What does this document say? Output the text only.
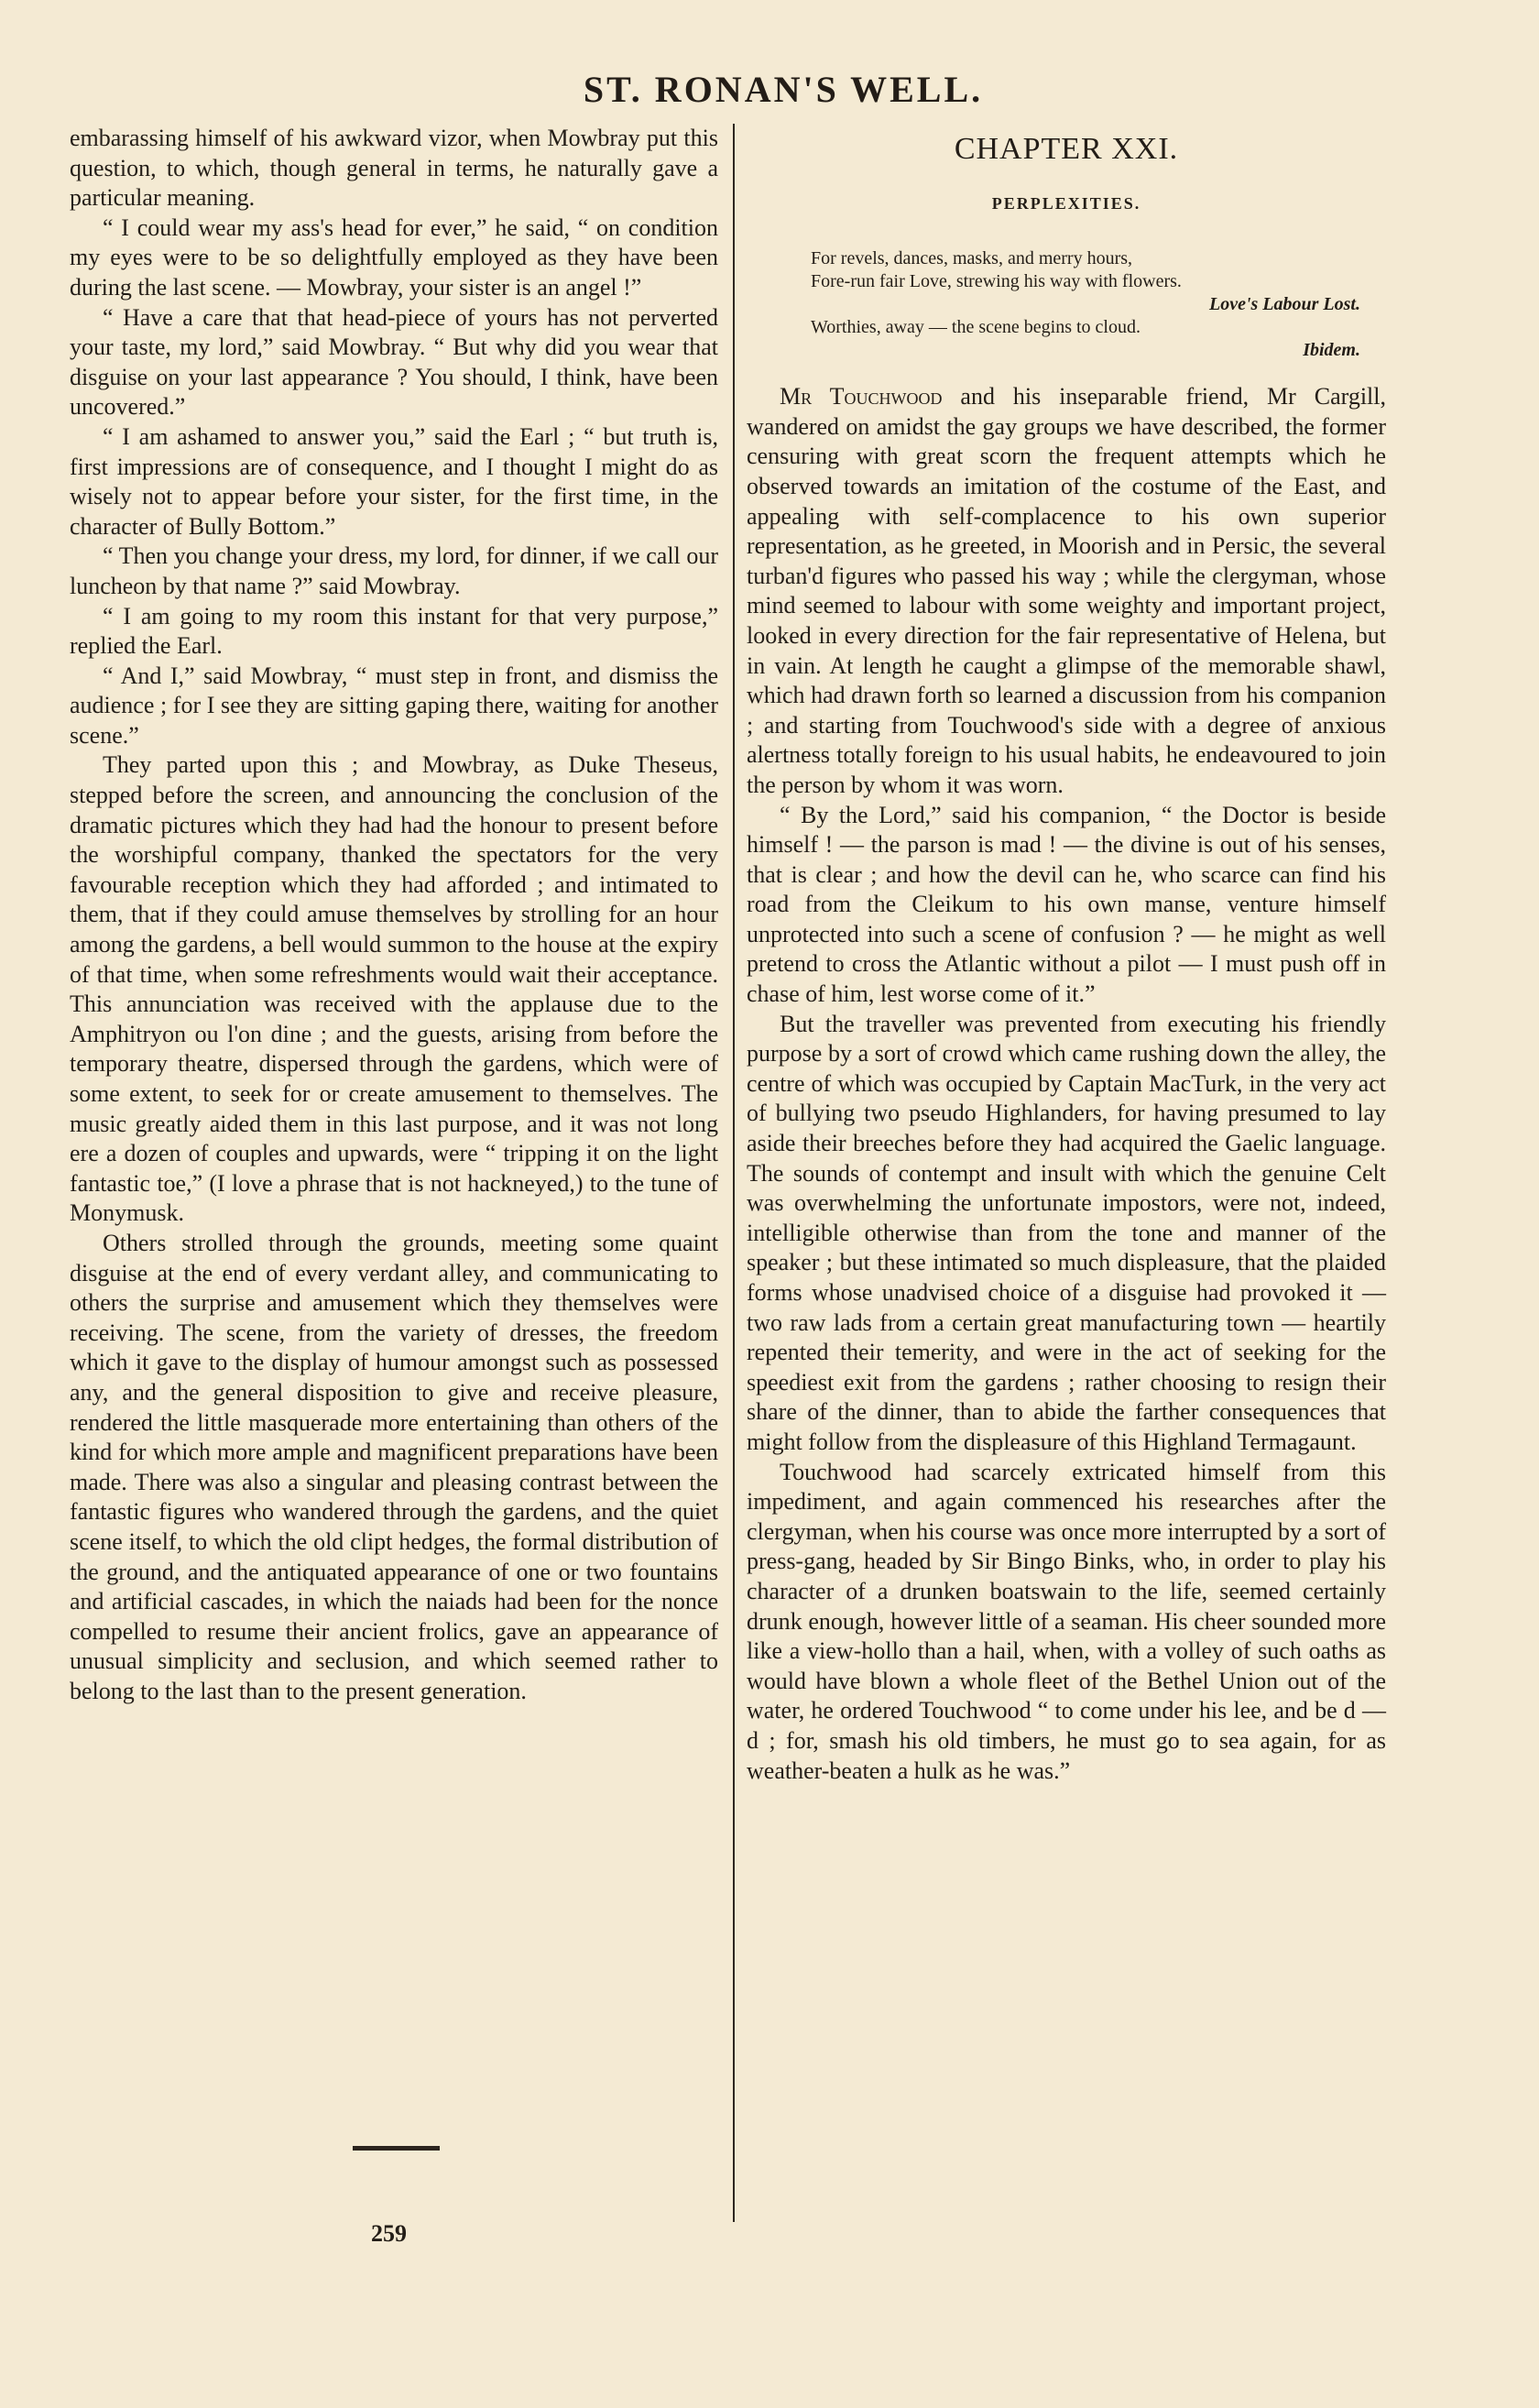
ST. RONAN'S WELL.

embarassing himself of his awkward vizor, when Mowbray put this question, to which, though general in terms, he naturally gave a particular meaning.

“ I could wear my ass's head for ever,” he said, “ on condition my eyes were to be so delightfully employed as they have been during the last scene. — Mowbray, your sister is an angel !”

“ Have a care that that head-piece of yours has not perverted your taste, my lord,” said Mowbray. “ But why did you wear that disguise on your last appearance ? You should, I think, have been uncovered.”

“ I am ashamed to answer you,” said the Earl ; “ but truth is, first impressions are of consequence, and I thought I might do as wisely not to appear before your sister, for the first time, in the character of Bully Bottom.”

“ Then you change your dress, my lord, for dinner, if we call our luncheon by that name ?” said Mowbray.

“ I am going to my room this instant for that very purpose,” replied the Earl.

“ And I,” said Mowbray, “ must step in front, and dismiss the audience ; for I see they are sitting gaping there, waiting for another scene.”

They parted upon this ; and Mowbray, as Duke Theseus, stepped before the screen, and announcing the conclusion of the dramatic pictures which they had had the honour to present before the worshipful company, thanked the spectators for the very favourable reception which they had afforded ; and intimated to them, that if they could amuse themselves by strolling for an hour among the gardens, a bell would summon to the house at the expiry of that time, when some refreshments would wait their acceptance. This annunciation was received with the applause due to the Amphitryon ou l'on dine ; and the guests, arising from before the temporary theatre, dispersed through the gardens, which were of some extent, to seek for or create amusement to themselves. The music greatly aided them in this last purpose, and it was not long ere a dozen of couples and upwards, were “ tripping it on the light fantastic toe,” (I love a phrase that is not hackneyed,) to the tune of Monymusk.

Others strolled through the grounds, meeting some quaint disguise at the end of every verdant alley, and communicating to others the surprise and amusement which they themselves were receiving. The scene, from the variety of dresses, the freedom which it gave to the display of humour amongst such as possessed any, and the general disposition to give and receive pleasure, rendered the little masquerade more entertaining than others of the kind for which more ample and magnificent preparations have been made. There was also a singular and pleasing contrast between the fantastic figures who wandered through the gardens, and the quiet scene itself, to which the old clipt hedges, the formal distribution of the ground, and the antiquated appearance of one or two fountains and artificial cascades, in which the naiads had been for the nonce compelled to resume their ancient frolics, gave an appearance of unusual simplicity and seclusion, and which seemed rather to belong to the last than to the present generation.

CHAPTER XXI.
PERPLEXITIES.
For revels, dances, masks, and merry hours,
Fore-run fair Love, strewing his way with flowers.
Love's Labour Lost.
Worthies, away — the scene begins to cloud.
Ibidem.

Mr Touchwood and his inseparable friend, Mr Cargill, wandered on amidst the gay groups we have described, the former censuring with great scorn the frequent attempts which he observed towards an imitation of the costume of the East, and appealing with self-complacence to his own superior representation, as he greeted, in Moorish and in Persic, the several turban'd figures who passed his way ; while the clergyman, whose mind seemed to labour with some weighty and important project, looked in every direction for the fair representative of Helena, but in vain. At length he caught a glimpse of the memorable shawl, which had drawn forth so learned a discussion from his companion ; and starting from Touchwood's side with a degree of anxious alertness totally foreign to his usual habits, he endeavoured to join the person by whom it was worn.

“ By the Lord,” said his companion, “ the Doctor is beside himself ! — the parson is mad ! — the divine is out of his senses, that is clear ; and how the devil can he, who scarce can find his road from the Cleikum to his own manse, venture himself unprotected into such a scene of confusion ? — he might as well pretend to cross the Atlantic without a pilot — I must push off in chase of him, lest worse come of it.”

But the traveller was prevented from executing his friendly purpose by a sort of crowd which came rushing down the alley, the centre of which was occupied by Captain MacTurk, in the very act of bullying two pseudo Highlanders, for having presumed to lay aside their breeches before they had acquired the Gaelic language. The sounds of contempt and insult with which the genuine Celt was overwhelming the unfortunate impostors, were not, indeed, intelligible otherwise than from the tone and manner of the speaker ; but these intimated so much displeasure, that the plaided forms whose unadvised choice of a disguise had provoked it — two raw lads from a certain great manufacturing town — heartily repented their temerity, and were in the act of seeking for the speediest exit from the gardens ; rather choosing to resign their share of the dinner, than to abide the farther consequences that might follow from the displeasure of this Highland Termagaunt.

Touchwood had scarcely extricated himself from this impediment, and again commenced his researches after the clergyman, when his course was once more interrupted by a sort of press-gang, headed by Sir Bingo Binks, who, in order to play his character of a drunken boatswain to the life, seemed certainly drunk enough, however little of a seaman. His cheer sounded more like a view-hollo than a hail, when, with a volley of such oaths as would have blown a whole fleet of the Bethel Union out of the water, he ordered Touchwood “ to come under his lee, and be d — d ; for, smash his old timbers, he must go to sea again, for as weather-beaten a hulk as he was.”

259
